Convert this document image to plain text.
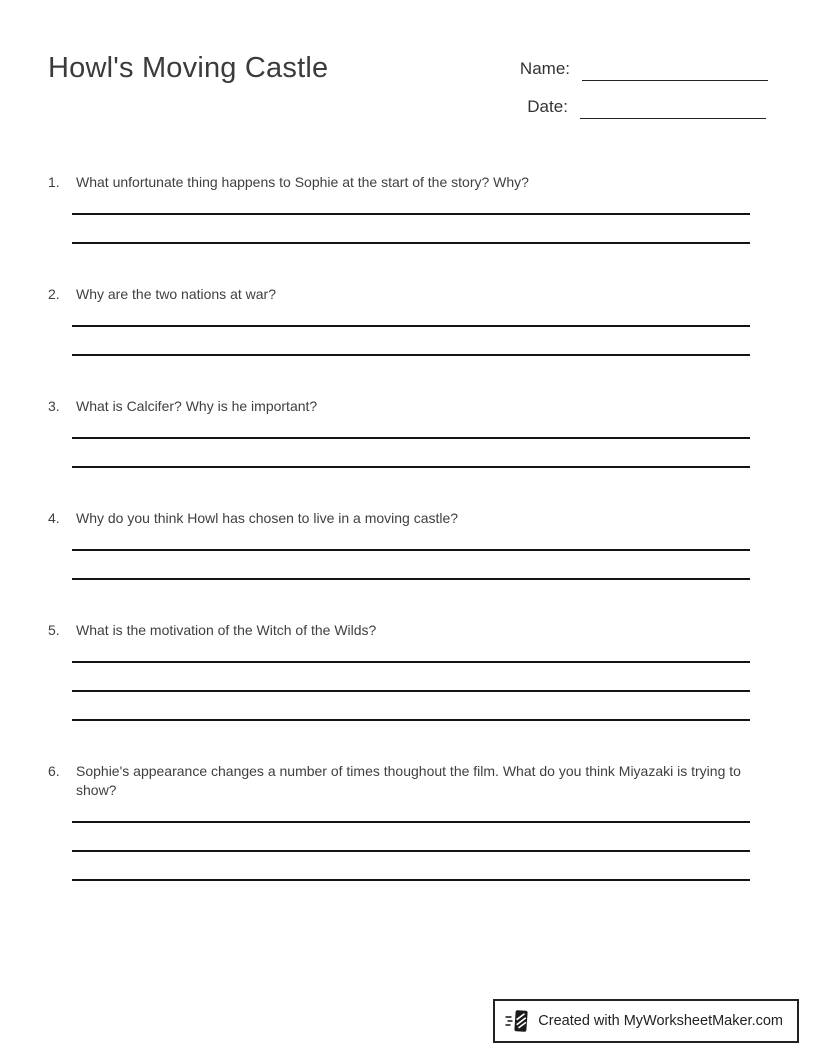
Howl's Moving Castle	Name:
Date:
1.	What unfortunate thing happens to Sophie at the start of the story? Why?
2.	Why are the two nations at war?
3.	What is Calcifer? Why is he important?
4.	Why do you think Howl has chosen to live in a moving castle?
5.	What is the motivation of the Witch of the Wilds?
6.	Sophie's appearance changes a number of times thoughout the film. What do you think Miyazaki is trying to show?
Created with MyWorksheetMaker.com
